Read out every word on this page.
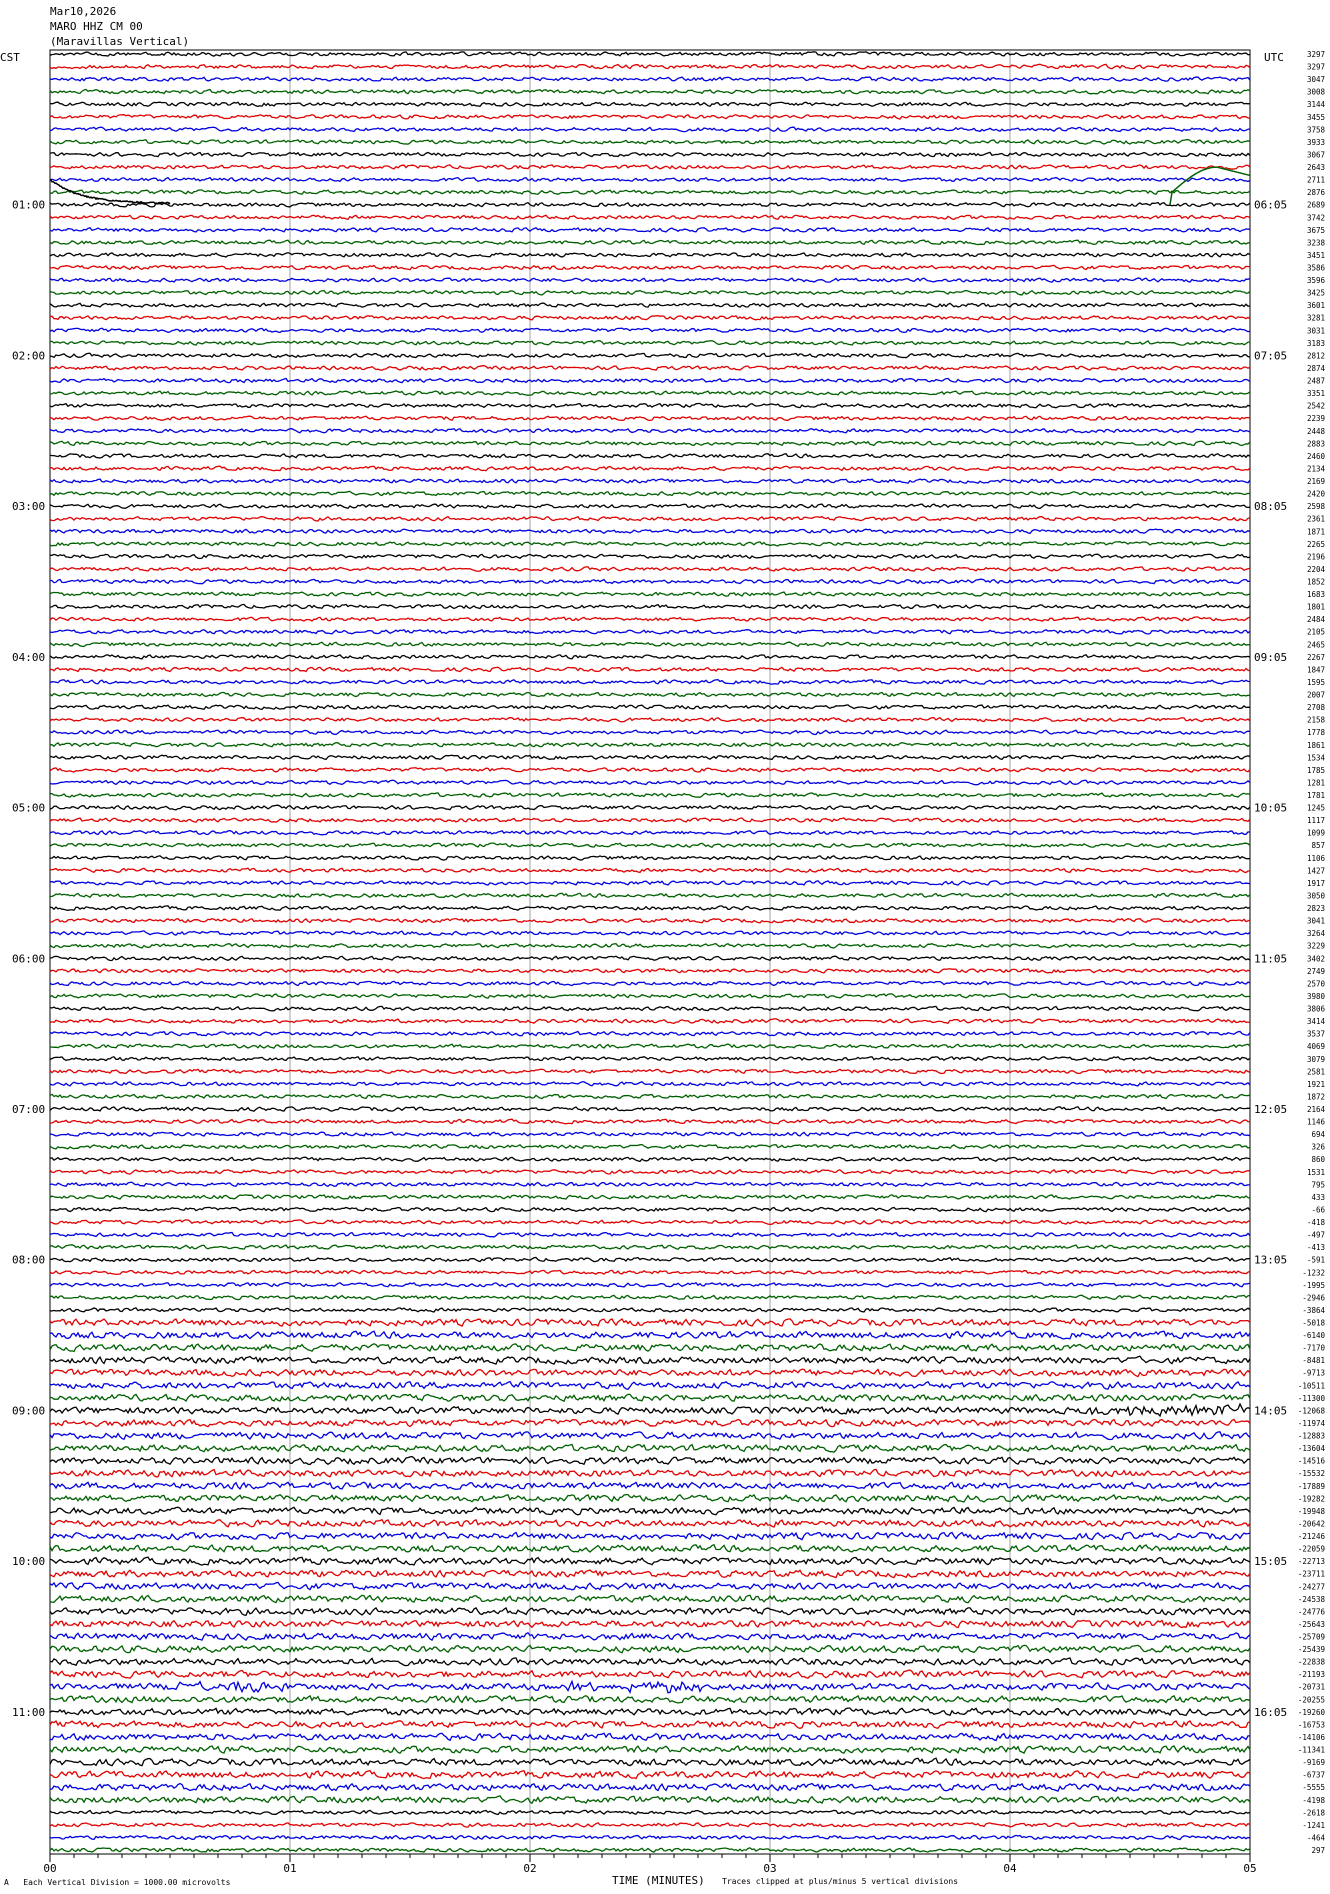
Mar10,2026
MARO HHZ CM 00
(Maravillas Vertical)
CST	UTC
01:00
02:00
03:00
04:00
05:00
06:00
07:00
08:00
09:00
10:00
11:00
06:05
07:05
08:05
09:05
10:05
11:05
12:05
13:05
14:05
15:05
16:05
3297
3297
3047
3008
3144
3455
3758
3933
3067
2643
2711
2876
2689
3742
3675
3238
3451
3586
3596
3425
3601
3281
3031
3183
2812
2874
2487
3351
2542
2239
2448
2883
2460
2134
2169
2420
2598
2361
1871
2265
2196
2204
1852
1683
1801
2484
2105
2465
2267
1847
1595
2007
2708
2158
1778
1861
1534
1785
1281
1781
1245
1117
1099
857
1106
1427
1917
3050
2823
3041
3264
3229
3402
2749
2570
3980
3806
3414
3537
4069
3079
2581
1921
1872
2164
1146
694
326
860
1531
795
433
-66
-418
-497
-413
-591
-1232
-1995
-2946
-3864
-5018
-6140
-7170
-8481
-9713
-10511
-11300
-12068
-11974
-12883
-13604
-14516
-15532
-17889
-19282
-19948
-20642
-21246
-22059
-22713
-23711
-24277
-24538
-24776
-25643
-25709
-25439
-22838
-21193
-20731
-20255
-19260
-16753
-14106
-11341
-9169
-6737
-5555
-4198
-2618
-1241
-464
297
00	01	02	03	04	05
A Each Vertical Division = 1000.00 microvolts	TIME (MINUTES) Traces clipped at plus/minus 5 vertical divisions
